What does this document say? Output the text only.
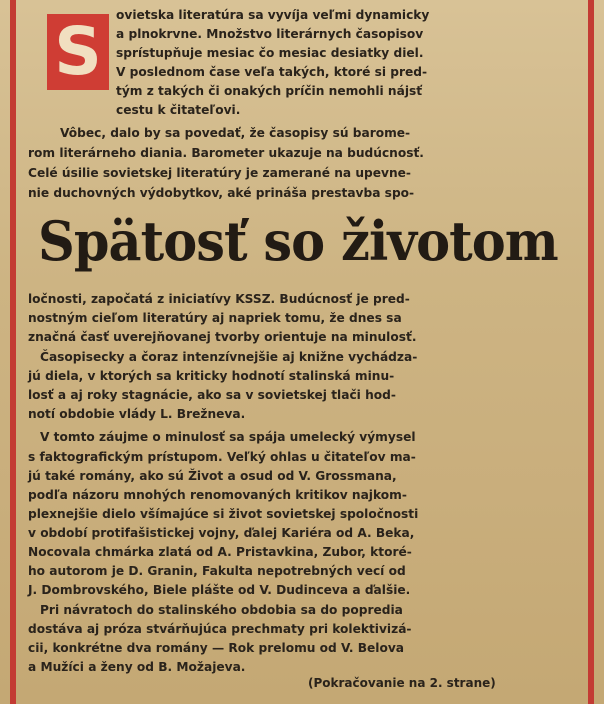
S	ovietska literatúra sa vyvíja veľmi dynamicky

a plnokrvne. Množstvo literárnych časopisov

sprístupňuje mesiac čo mesiac desiatky diel.

V poslednom čase veľa takých, ktoré si pred-

tým z takých či onakých príčin nemohli nájsť

cestu k čitateľovi.

Vôbec, dalo by sa povedať, že časopisy sú barome-

rom literárneho diania. Barometer ukazuje na budúcnosť.

Celé úsilie sovietskej literatúry je zamerané na upevne-

nie duchovných výdobytkov, aké prináša prestavba spo-

Spätosť so životom

ločnosti, započatá z iniciatívy KSSZ. Budúcnosť je pred-

nostným cieľom literatúry aj napriek tomu, že dnes sa

značná časť uverejňovanej tvorby orientuje na minulosť.

Časopisecky a čoraz intenzívnejšie aj knižne vychádza-

jú diela, v ktorých sa kriticky hodnotí stalinská minu-

losť a aj roky stagnácie, ako sa v sovietskej tlači hod-

notí obdobie vlády L. Brežneva.

V tomto záujme o minulosť sa spája umelecký výmysel

s faktografickým prístupom. Veľký ohlas u čitateľov ma-

jú také romány, ako sú Život a osud od V. Grossmana,

podľa názoru mnohých renomovaných kritikov najkom-

plexnejšie dielo všímajúce si život sovietskej spoločnosti

v období protifašistickej vojny, ďalej Kariéra od A. Beka,

Nocovala chmárka zlatá od A. Pristavkina, Zubor, ktoré-

ho autorom je D. Granin, Fakulta nepotrebných vecí od

J. Dombrovského, Biele plášte od V. Dudinceva a ďalšie.

Pri návratoch do stalinského obdobia sa do popredia

dostáva aj próza stvárňujúca prechmaty pri kolektivizá-

cii, konkrétne dva romány — Rok prelomu od V. Belova

a Mužíci a ženy od B. Možajeva.

(Pokračovanie na 2. strane)
